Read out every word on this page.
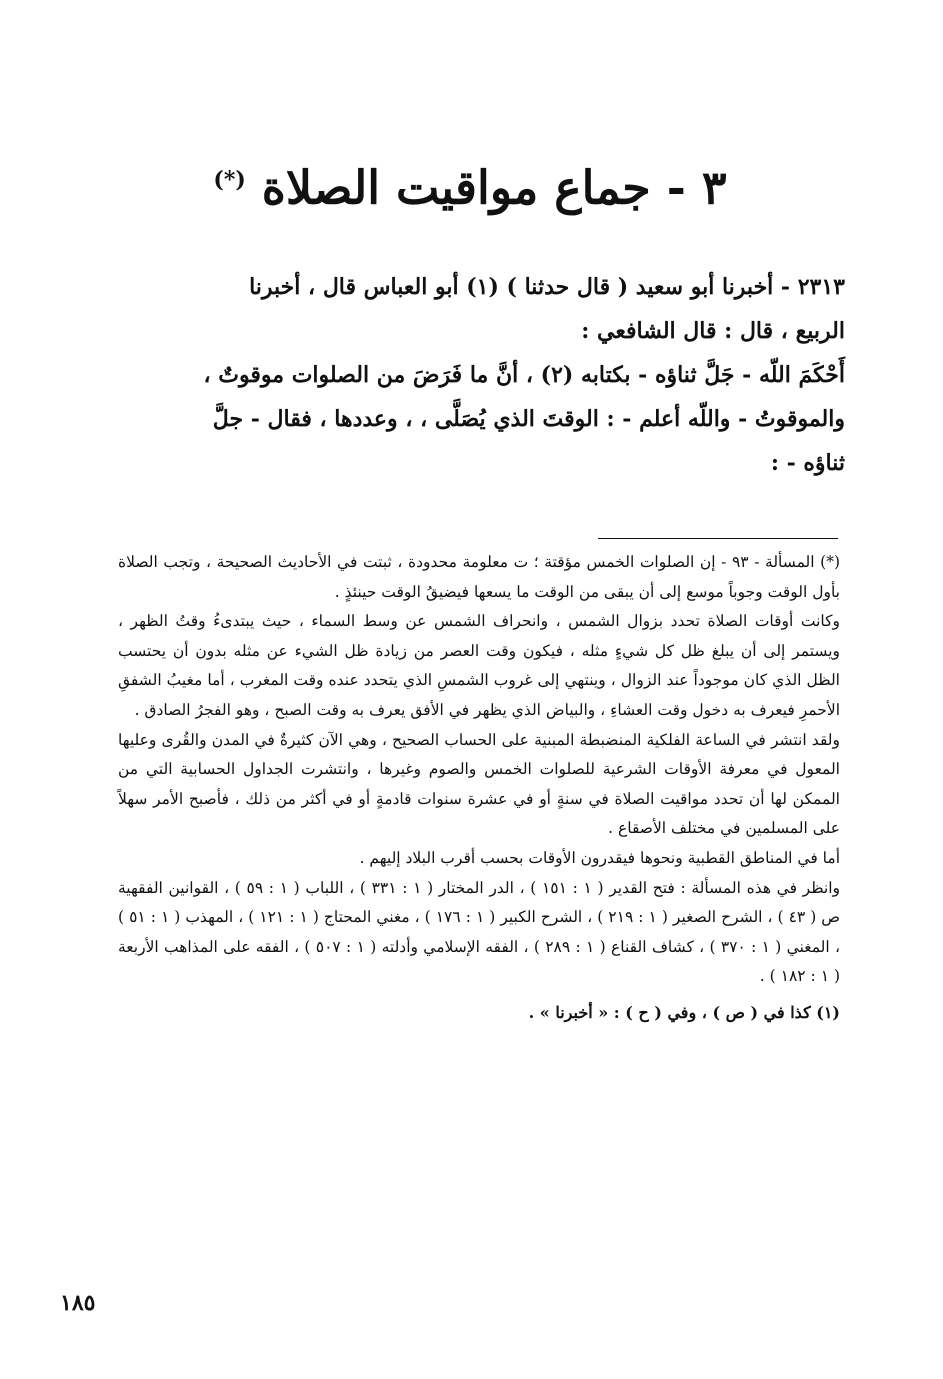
٣ - جماع مواقيت الصلاة (*)

٢٣١٣ - أخبرنا أبو سعيد ( قال حدثنا ) (١) أبو العباس قال ، أخبرنا

الربيع ، قال : قال الشافعي :

أَحْكَمَ اللّه - جَلَّ ثناؤه - بكتابه (٢) ، أنَّ ما فَرَضَ من الصلوات موقوتٌ ،

والموقوتُ - واللّه أعلم - : الوقتَ الذي يُصَلَّى ، ، وعددها ، فقال - جلَّ

ثناؤه - :

(*) المسألة - ٩٣ - إن الصلوات الخمس مؤقتة ؛ ت معلومة محدودة ، ثبتت في الأحاديث الصحيحة ، وتجب الصلاة بأول الوقت وجوباً موسع إلى أن يبقى من الوقت ما يسعها فيضيقُ الوقت حينئذٍ .

وكانت أوقات الصلاة تحدد بزوال الشمس ، وانحراف الشمس عن وسط السماء ، حيث يبتدىءُ وقتُ الظهر ، ويستمر إلى أن يبلغ ظل كل شيءٍ مثله ، فيكون وقت العصر من زيادة ظل الشيء عن مثله بدون أن يحتسب الظل الذي كان موجوداً عند الزوال ، وينتهي إلى غروب الشمسِ الذي يتحدد عنده وقت المغرب ، أما مغيبُ الشفقِ الأحمرِ فيعرف به دخول وقت العشاءِ ، والبياض الذي يظهر في الأفق يعرف به وقت الصبح ، وهو الفجرُ الصادق .

ولقد انتشر في الساعة الفلكية المنضبطة المبنية على الحساب الصحيح ، وهي الآن كثيرةٌ في المدن والقُرى وعليها المعول في معرفة الأوقات الشرعية للصلوات الخمس والصوم وغيرها ، وانتشرت الجداول الحسابية التي من الممكن لها أن تحدد مواقيت الصلاة في سنةٍ أو في عشرة سنوات قادمةٍ أو في أكثر من ذلك ، فأصبح الأمر سهلاً على المسلمين في مختلف الأصقاع .

أما في المناطق القطبية ونحوها فيقدرون الأوقات بحسب أقرب البلاد إليهم .

وانظر في هذه المسألة : فتح القدير ( ١ : ١٥١ ) ، الدر المختار ( ١ : ٣٣١ ) ، اللباب ( ١ : ٥٩ ) ، القوانين الفقهية ص ( ٤٣ ) ، الشرح الصغير ( ١ : ٢١٩ ) ، الشرح الكبير ( ١ : ١٧٦ ) ، مغني المحتاج ( ١ : ١٢١ ) ، المهذب ( ١ : ٥١ ) ، المغني ( ١ : ٣٧٠ ) ، كشاف القناع ( ١ : ٢٨٩ ) ، الفقه الإسلامي وأدلته ( ١ : ٥٠٧ ) ، الفقه على المذاهب الأربعة ( ١ : ١٨٢ ) .

(١) كذا في ( ص ) ، وفي ( ح ) : « أخبرنا » .

١٨٥
